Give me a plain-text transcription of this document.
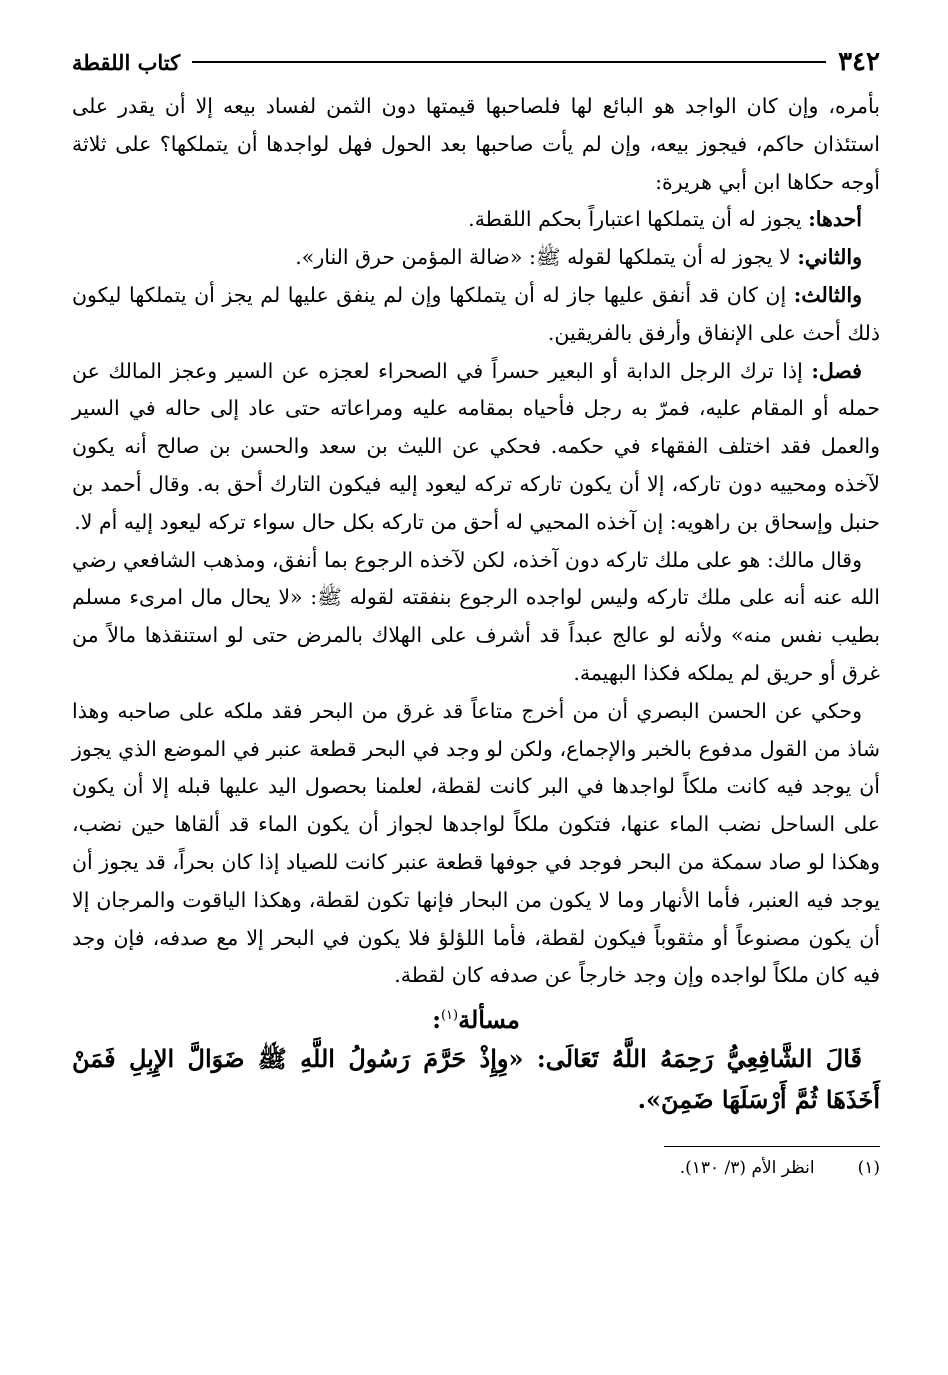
٣٤٢
كتاب اللقطة

بأمره، وإن كان الواجد هو البائع لها فلصاحبها قيمتها دون الثمن لفساد بيعه إلا أن يقدر على استئذان حاكم، فيجوز بيعه، وإن لم يأت صاحبها بعد الحول فهل لواجدها أن يتملكها؟ على ثلاثة أوجه حكاها ابن أبي هريرة:

أحدها: يجوز له أن يتملكها اعتباراً بحكم اللقطة.

والثاني: لا يجوز له أن يتملكها لقوله ﷺ: «ضالة المؤمن حرق النار».

والثالث: إن كان قد أنفق عليها جاز له أن يتملكها وإن لم ينفق عليها لم يجز أن يتملكها ليكون ذلك أحث على الإنفاق وأرفق بالفريقين.

فصل: إذا ترك الرجل الدابة أو البعير حسراً في الصحراء لعجزه عن السير وعجز المالك عن حمله أو المقام عليه، فمرّ به رجل فأحياه بمقامه عليه ومراعاته حتى عاد إلى حاله في السير والعمل فقد اختلف الفقهاء في حكمه. فحكي عن الليث بن سعد والحسن بن صالح أنه يكون لآخذه ومحييه دون تاركه، إلا أن يكون تاركه تركه ليعود إليه فيكون التارك أحق به. وقال أحمد بن حنبل وإسحاق بن راهويه: إن آخذه المحيي له أحق من تاركه بكل حال سواء تركه ليعود إليه أم لا.

وقال مالك: هو على ملك تاركه دون آخذه، لكن لآخذه الرجوع بما أنفق، ومذهب الشافعي رضي الله عنه أنه على ملك تاركه وليس لواجده الرجوع بنفقته لقوله ﷺ: «لا يحال مال امرىء مسلم بطيب نفس منه» ولأنه لو عالج عبداً قد أشرف على الهلاك بالمرض حتى لو استنقذها مالاً من غرق أو حريق لم يملكه فكذا البهيمة.

وحكي عن الحسن البصري أن من أخرج متاعاً قد غرق من البحر فقد ملكه على صاحبه وهذا شاذ من القول مدفوع بالخبر والإجماع، ولكن لو وجد في البحر قطعة عنبر في الموضع الذي يجوز أن يوجد فيه كانت ملكاً لواجدها في البر كانت لقطة، لعلمنا بحصول اليد عليها قبله إلا أن يكون على الساحل نضب الماء عنها، فتكون ملكاً لواجدها لجواز أن يكون الماء قد ألقاها حين نضب، وهكذا لو صاد سمكة من البحر فوجد في جوفها قطعة عنبر كانت للصياد إذا كان بحراً، قد يجوز أن يوجد فيه العنبر، فأما الأنهار وما لا يكون من البحار فإنها تكون لقطة، وهكذا الياقوت والمرجان إلا أن يكون مصنوعاً أو مثقوباً فيكون لقطة، فأما اللؤلؤ فلا يكون في البحر إلا مع صدفه، فإن وجد فيه كان ملكاً لواجده وإن وجد خارجاً عن صدفه كان لقطة.

مسألة$^{(١)}$:

قَالَ الشَّافِعِيُّ رَحِمَهُ اللَّهُ تَعَالَى: «وِإِذْ حَرَّمَ رَسُولُ اللَّهِ ﷺ ضَوَالَّ الإِبِلِ فَمَنْ أَخَذَهَا ثُمَّ أَرْسَلَهَا ضَمِنَ».

(١) انظر الأم (٣/ ١٣٠).
